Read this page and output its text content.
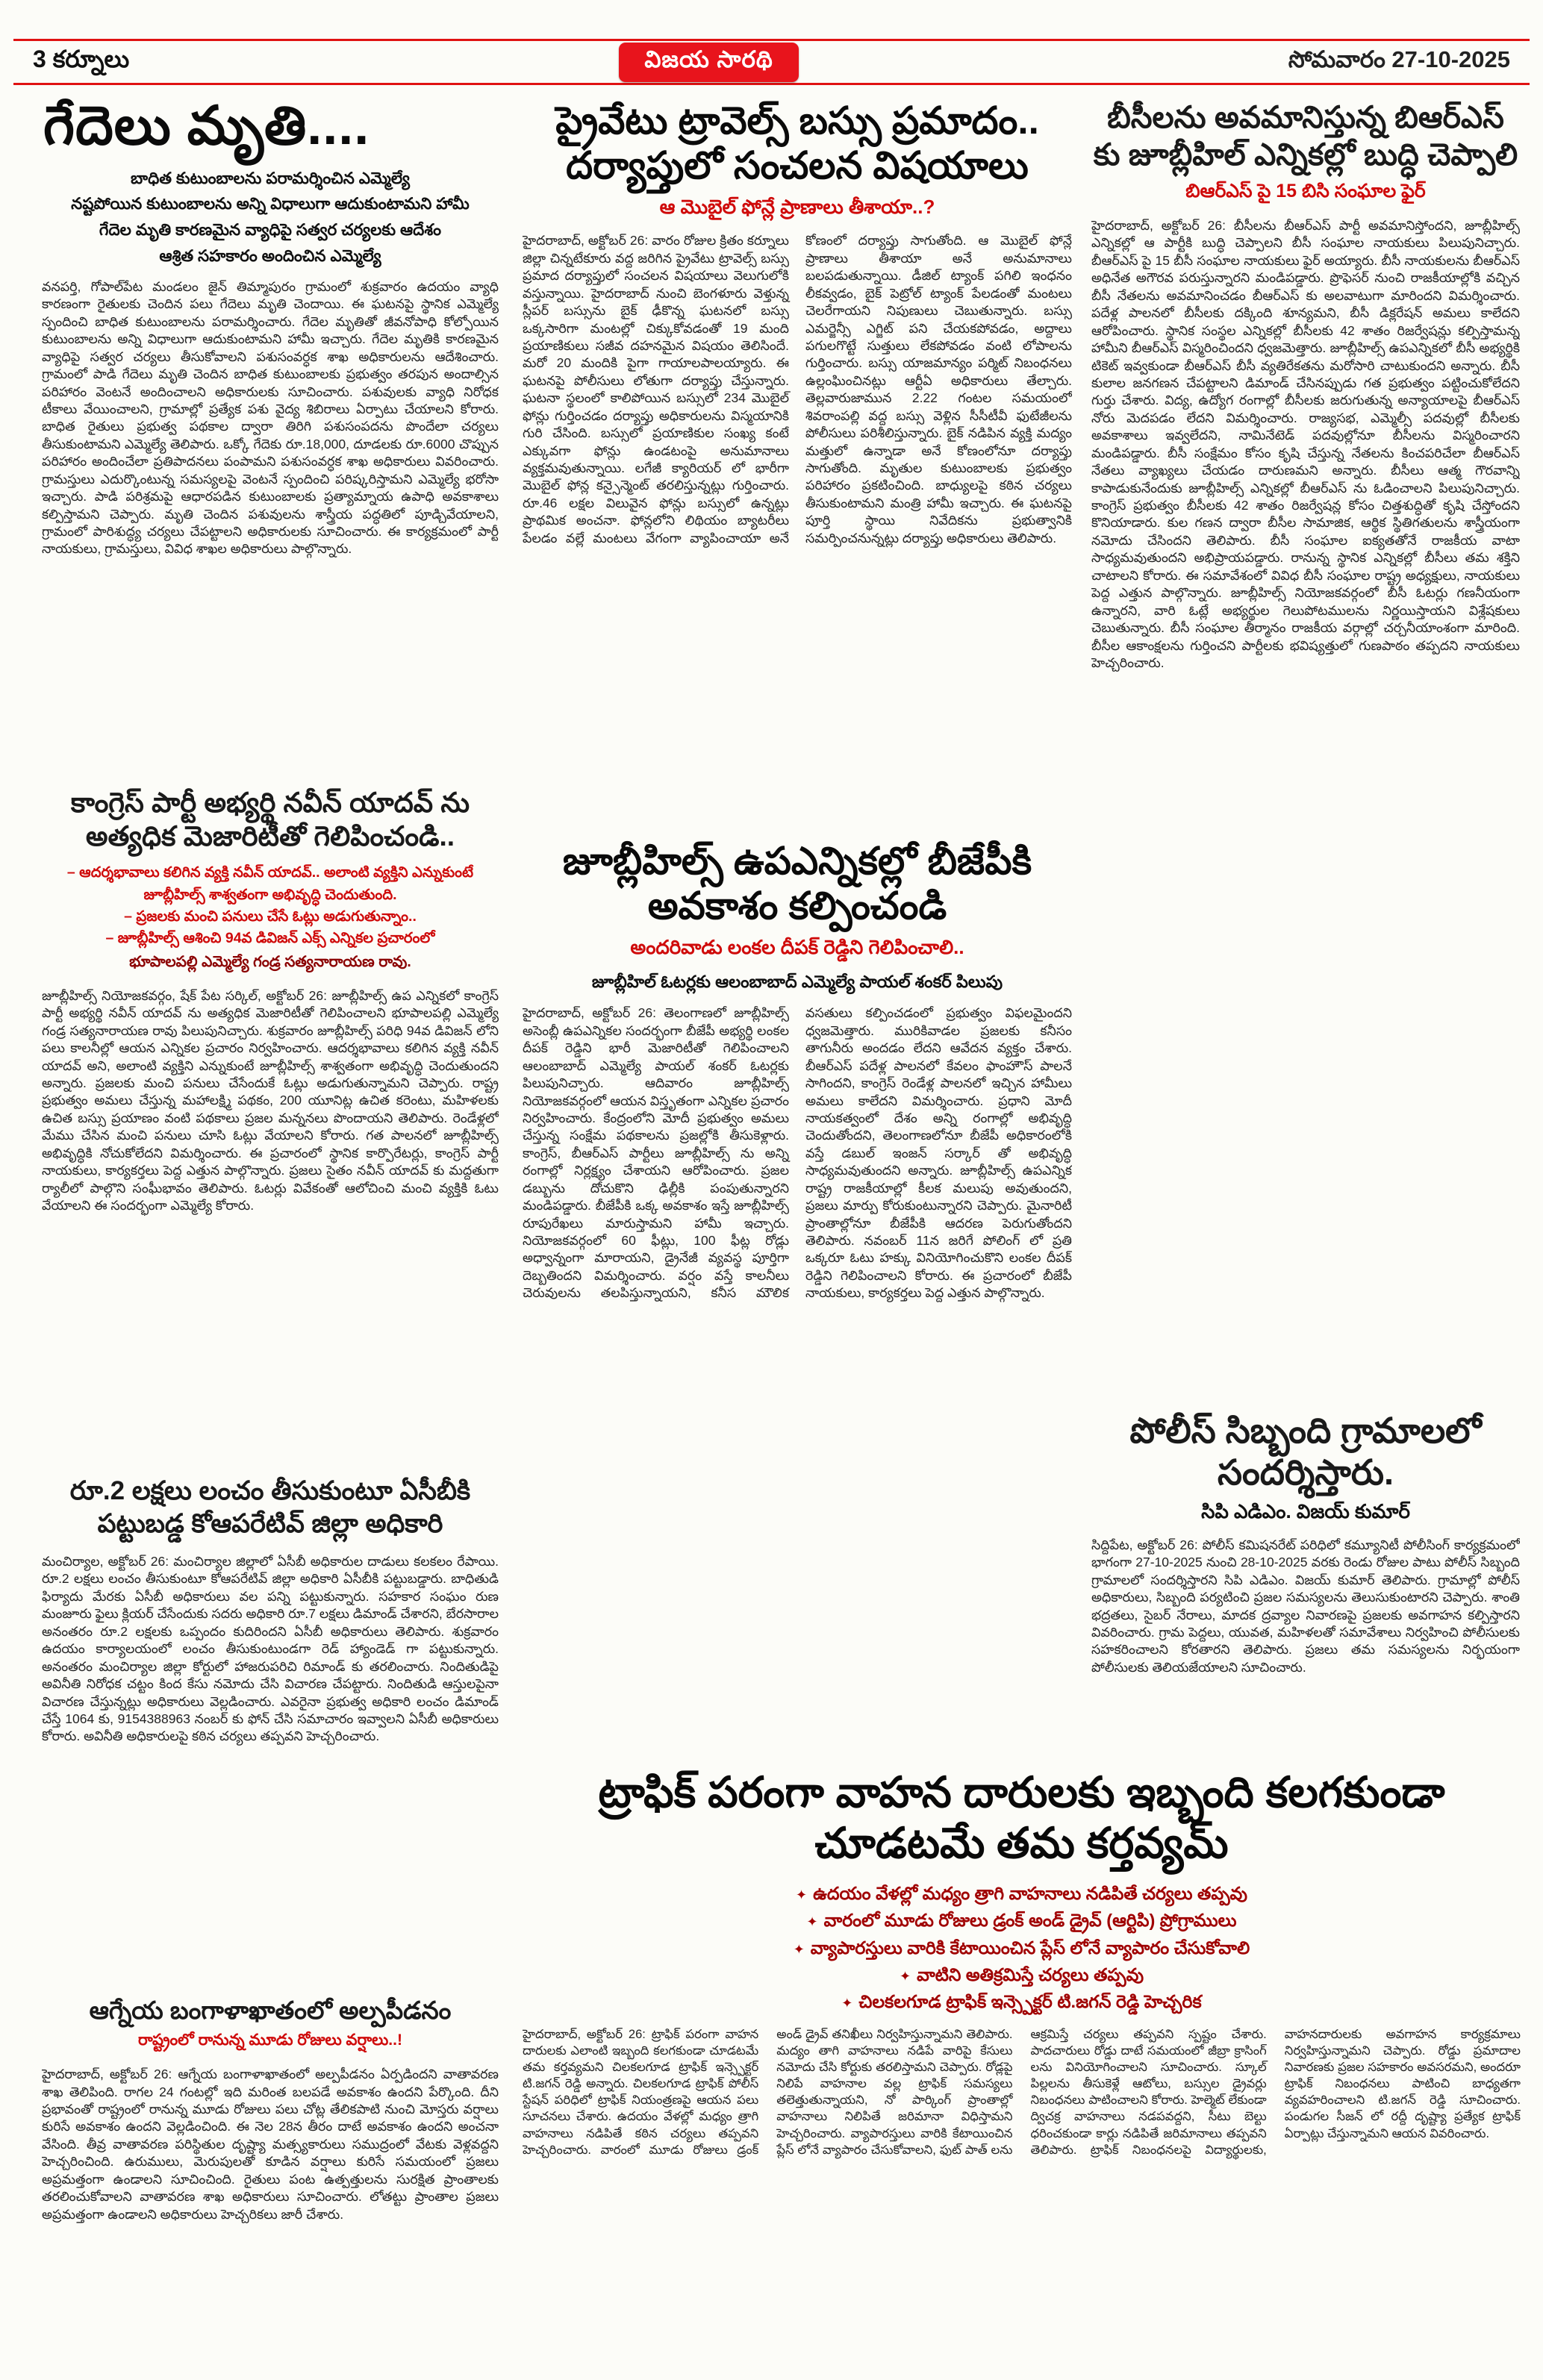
3 కర్నూలు	విజయ సారథి	సోమవారం 27-10-2025
గేదెలు మృతి....
బాధిత కుటుంబాలను పరామర్శించిన ఎమ్మెల్యే
నష్టపోయిన కుటుంబాలను అన్ని విధాలుగా ఆదుకుంటామని హామీ
గేదెల మృతి కారణమైన వ్యాధిపై సత్వర చర్యలకు ఆదేశం
ఆశ్రిత సహకారం అందించిన ఎమ్మెల్యే

వనపర్తి, గోపాల్‌పేట మండలం జైన్ తిమ్మాపురం గ్రామంలో శుక్రవారం ఉదయం వ్యాధి కారణంగా రైతులకు చెందిన పలు గేదెలు మృతి చెందాయి. ఈ ఘటనపై స్థానిక ఎమ్మెల్యే స్పందించి బాధిత కుటుంబాలను పరామర్శించారు. గేదెల మృతితో జీవనోపాధి కోల్పోయిన కుటుంబాలను అన్ని విధాలుగా ఆదుకుంటామని హామీ ఇచ్చారు. గేదెల మృతికి కారణమైన వ్యాధిపై సత్వర చర్యలు తీసుకోవాలని పశుసంవర్ధక శాఖ అధికారులను ఆదేశించారు. గ్రామంలో పాడి గేదెలు మృతి చెందిన బాధిత కుటుంబాలకు ప్రభుత్వం తరపున అందాల్సిన పరిహారం వెంటనే అందించాలని అధికారులకు సూచించారు. పశువులకు వ్యాధి నిరోధక టీకాలు వేయించాలని, గ్రామాల్లో ప్రత్యేక పశు వైద్య శిబిరాలు ఏర్పాటు చేయాలని కోరారు. బాధిత రైతులు ప్రభుత్వ పథకాల ద్వారా తిరిగి పశుసంపదను పొందేలా చర్యలు తీసుకుంటామని ఎమ్మెల్యే తెలిపారు. ఒక్కో గేదెకు రూ.18,000, దూడలకు రూ.6000 చొప్పున పరిహారం అందించేలా ప్రతిపాదనలు పంపామని పశుసంవర్ధక శాఖ అధికారులు వివరించారు. గ్రామస్తులు ఎదుర్కొంటున్న సమస్యలపై వెంటనే స్పందించి పరిష్కరిస్తామని ఎమ్మెల్యే భరోసా ఇచ్చారు. పాడి పరిశ్రమపై ఆధారపడిన కుటుంబాలకు ప్రత్యామ్నాయ ఉపాధి అవకాశాలు కల్పిస్తామని చెప్పారు. మృతి చెందిన పశువులను శాస్త్రీయ పద్ధతిలో పూడ్చివేయాలని, గ్రామంలో పారిశుద్ధ్య చర్యలు చేపట్టాలని అధికారులకు సూచించారు. ఈ కార్యక్రమంలో పార్టీ నాయకులు, గ్రామస్తులు, వివిధ శాఖల అధికారులు పాల్గొన్నారు.

కాంగ్రెస్ పార్టీ అభ్యర్థి నవీన్ యాదవ్ ను అత్యధిక మెజారిటీతో గెలిపించండి..
– ఆదర్శభావాలు కలిగిన వ్యక్తి నవీన్ యాదవ్.. అలాంటి వ్యక్తిని ఎన్నుకుంటే జూబ్లీహిల్స్ శాశ్వతంగా అభివృద్ధి చెందుతుంది.
– ప్రజలకు మంచి పనులు చేసే ఓట్లు అడుగుతున్నాం..
– జూబ్లీహిల్స్ ఆశించి 94వ డివిజన్ ఎక్స్ ఎన్నికల ప్రచారంలో
భూపాలపల్లి ఎమ్మెల్యే గండ్ర సత్యనారాయణ రావు.

జూబ్లీహిల్స్ నియోజకవర్గం, షేక్ పేట సర్కిల్, అక్టోబర్ 26: జూబ్లీహిల్స్ ఉప ఎన్నికలో కాంగ్రెస్ పార్టీ అభ్యర్థి నవీన్ యాదవ్ ను అత్యధిక మెజారిటీతో గెలిపించాలని భూపాలపల్లి ఎమ్మెల్యే గండ్ర సత్యనారాయణ రావు పిలుపునిచ్చారు. శుక్రవారం జూబ్లీహిల్స్ పరిధి 94వ డివిజన్ లోని పలు కాలనీల్లో ఆయన ఎన్నికల ప్రచారం నిర్వహించారు. ఆదర్శభావాలు కలిగిన వ్యక్తి నవీన్ యాదవ్ అని, అలాంటి వ్యక్తిని ఎన్నుకుంటే జూబ్లీహిల్స్ శాశ్వతంగా అభివృద్ధి చెందుతుందని అన్నారు. ప్రజలకు మంచి పనులు చేసేందుకే ఓట్లు అడుగుతున్నామని చెప్పారు. రాష్ట్ర ప్రభుత్వం అమలు చేస్తున్న మహాలక్ష్మి పథకం, 200 యూనిట్ల ఉచిత కరెంటు, మహిళలకు ఉచిత బస్సు ప్రయాణం వంటి పథకాలు ప్రజల మన్ననలు పొందాయని తెలిపారు. రెండేళ్లలో మేము చేసిన మంచి పనులు చూసి ఓట్లు వేయాలని కోరారు. గత పాలనలో జూబ్లీహిల్స్ అభివృద్ధికి నోచుకోలేదని విమర్శించారు. ఈ ప్రచారంలో స్థానిక కార్పొరేటర్లు, కాంగ్రెస్ పార్టీ నాయకులు, కార్యకర్తలు పెద్ద ఎత్తున పాల్గొన్నారు. ప్రజలు సైతం నవీన్ యాదవ్ కు మద్దతుగా ర్యాలీలో పాల్గొని సంఘీభావం తెలిపారు. ఓటర్లు వివేకంతో ఆలోచించి మంచి వ్యక్తికి ఓటు వేయాలని ఈ సందర్భంగా ఎమ్మెల్యే కోరారు.

రూ.2 లక్షలు లంచం తీసుకుంటూ ఏసీబీకి పట్టుబడ్డ కోఆపరేటివ్ జిల్లా అధికారి

మంచిర్యాల, అక్టోబర్ 26: మంచిర్యాల జిల్లాలో ఏసీబీ అధికారుల దాడులు కలకలం రేపాయి. రూ.2 లక్షలు లంచం తీసుకుంటూ కోఆపరేటివ్ జిల్లా అధికారి ఏసీబీకి పట్టుబడ్డారు. బాధితుడి ఫిర్యాదు మేరకు ఏసీబీ అధికారులు వల పన్ని పట్టుకున్నారు. సహకార సంఘం రుణ మంజూరు ఫైలు క్లియర్ చేసేందుకు సదరు అధికారి రూ.7 లక్షలు డిమాండ్ చేశారని, బేరసారాల అనంతరం రూ.2 లక్షలకు ఒప్పందం కుదిరిందని ఏసీబీ అధికారులు తెలిపారు. శుక్రవారం ఉదయం కార్యాలయంలో లంచం తీసుకుంటుండగా రెడ్ హ్యాండెడ్ గా పట్టుకున్నారు. అనంతరం మంచిర్యాల జిల్లా కోర్టులో హాజరుపరిచి రిమాండ్ కు తరలించారు. నిందితుడిపై అవినీతి నిరోధక చట్టం కింద కేసు నమోదు చేసి విచారణ చేపట్టారు. నిందితుడి ఆస్తులపైనా విచారణ చేస్తున్నట్లు అధికారులు వెల్లడించారు. ఎవరైనా ప్రభుత్వ అధికారి లంచం డిమాండ్ చేస్తే 1064 కు, 9154388963 నంబర్ కు ఫోన్ చేసి సమాచారం ఇవ్వాలని ఏసీబీ అధికారులు కోరారు. అవినీతి అధికారులపై కఠిన చర్యలు తప్పవని హెచ్చరించారు.

ఆగ్నేయ బంగాళాఖాతంలో అల్పపీడనం
రాష్ట్రంలో రానున్న మూడు రోజులు వర్షాలు..!

హైదరాబాద్, అక్టోబర్ 26: ఆగ్నేయ బంగాళాఖాతంలో అల్పపీడనం ఏర్పడిందని వాతావరణ శాఖ తెలిపింది. రాగల 24 గంటల్లో ఇది మరింత బలపడే అవకాశం ఉందని పేర్కొంది. దీని ప్రభావంతో రాష్ట్రంలో రానున్న మూడు రోజులు పలు చోట్ల తేలికపాటి నుంచి మోస్తరు వర్షాలు కురిసే అవకాశం ఉందని వెల్లడించింది. ఈ నెల 28న తీరం దాటే అవకాశం ఉందని అంచనా వేసింది. తీవ్ర వాతావరణ పరిస్థితుల దృష్ట్యా మత్స్యకారులు సముద్రంలో వేటకు వెళ్లవద్దని హెచ్చరించింది. ఉరుములు, మెరుపులతో కూడిన వర్షాలు కురిసే సమయంలో ప్రజలు అప్రమత్తంగా ఉండాలని సూచించింది. రైతులు పంట ఉత్పత్తులను సురక్షిత ప్రాంతాలకు తరలించుకోవాలని వాతావరణ శాఖ అధికారులు సూచించారు. లోతట్టు ప్రాంతాల ప్రజలు అప్రమత్తంగా ఉండాలని అధికారులు హెచ్చరికలు జారీ చేశారు.

ప్రైవేటు ట్రావెల్స్ బస్సు ప్రమాదం.. దర్యాప్తులో సంచలన విషయాలు
ఆ మొబైల్ ఫోన్లే ప్రాణాలు తీశాయా..?

హైదరాబాద్, అక్టోబర్ 26: వారం రోజుల క్రితం కర్నూలు జిల్లా చిన్నటేకూరు వద్ద జరిగిన ప్రైవేటు ట్రావెల్స్ బస్సు ప్రమాద దర్యాప్తులో సంచలన విషయాలు వెలుగులోకి వస్తున్నాయి. హైదరాబాద్ నుంచి బెంగళూరు వెళ్తున్న స్లీపర్ బస్సును బైక్ ఢీకొన్న ఘటనలో బస్సు ఒక్కసారిగా మంటల్లో చిక్కుకోవడంతో 19 మంది ప్రయాణికులు సజీవ దహనమైన విషయం తెలిసిందే. మరో 20 మందికి పైగా గాయాలపాలయ్యారు. ఈ ఘటనపై పోలీసులు లోతుగా దర్యాప్తు చేస్తున్నారు. ఘటనా స్థలంలో కాలిపోయిన బస్సులో 234 మొబైల్ ఫోన్లు గుర్తించడం దర్యాప్తు అధికారులను విస్మయానికి గురి చేసింది. బస్సులో ప్రయాణికుల సంఖ్య కంటే ఎక్కువగా ఫోన్లు ఉండటంపై అనుమానాలు వ్యక్తమవుతున్నాయి. లగేజీ క్యారియర్ లో భారీగా మొబైల్ ఫోన్ల కన్సైన్మెంట్ తరలిస్తున్నట్లు గుర్తించారు. రూ.46 లక్షల విలువైన ఫోన్లు బస్సులో ఉన్నట్లు ప్రాథమిక అంచనా. ఫోన్లలోని లిథియం బ్యాటరీలు పేలడం వల్లే మంటలు వేగంగా వ్యాపించాయా అనే కోణంలో దర్యాప్తు సాగుతోంది. ఆ మొబైల్ ఫోన్లే ప్రాణాలు తీశాయా అనే అనుమానాలు బలపడుతున్నాయి. డీజిల్ ట్యాంక్ పగిలి ఇంధనం లీకవ్వడం, బైక్ పెట్రోల్ ట్యాంక్ పేలడంతో మంటలు చెలరేగాయని నిపుణులు చెబుతున్నారు. బస్సు ఎమర్జెన్సీ ఎగ్జిట్ పని చేయకపోవడం, అద్దాలు పగులగొట్టే సుత్తులు లేకపోవడం వంటి లోపాలను గుర్తించారు. బస్సు యాజమాన్యం పర్మిట్ నిబంధనలు ఉల్లంఘించినట్లు ఆర్టీఏ అధికారులు తేల్చారు. తెల్లవారుజామున 2.22 గంటల సమయంలో శివరాంపల్లి వద్ద బస్సు వెళ్లిన సీసీటీవీ ఫుటేజీలను పోలీసులు పరిశీలిస్తున్నారు. బైక్ నడిపిన వ్యక్తి మద్యం మత్తులో ఉన్నాడా అనే కోణంలోనూ దర్యాప్తు సాగుతోంది. మృతుల కుటుంబాలకు ప్రభుత్వం పరిహారం ప్రకటించింది. బాధ్యులపై కఠిన చర్యలు తీసుకుంటామని మంత్రి హామీ ఇచ్చారు. ఈ ఘటనపై పూర్తి స్థాయి నివేదికను ప్రభుత్వానికి సమర్పించనున్నట్లు దర్యాప్తు అధికారులు తెలిపారు.

జూబ్లీహిల్స్ ఉపఎన్నికల్లో బీజేపీకి అవకాశం కల్పించండి
అందరివాడు లంకల దీపక్ రెడ్డిని గెలిపించాలి..
జూబ్లీహిల్ ఓటర్లకు ఆలంబాబాద్ ఎమ్మెల్యే పాయల్ శంకర్ పిలుపు

హైదరాబాద్, అక్టోబర్ 26: తెలంగాణలో జూబ్లీహిల్స్ అసెంబ్లీ ఉపఎన్నికల సందర్భంగా బీజేపీ అభ్యర్థి లంకల దీపక్ రెడ్డిని భారీ మెజారిటీతో గెలిపించాలని ఆలంబాబాద్ ఎమ్మెల్యే పాయల్ శంకర్ ఓటర్లకు పిలుపునిచ్చారు. ఆదివారం జూబ్లీహిల్స్ నియోజకవర్గంలో ఆయన విస్తృతంగా ఎన్నికల ప్రచారం నిర్వహించారు. కేంద్రంలోని మోదీ ప్రభుత్వం అమలు చేస్తున్న సంక్షేమ పథకాలను ప్రజల్లోకి తీసుకెళ్లారు. కాంగ్రెస్, బీఆర్ఎస్ పార్టీలు జూబ్లీహిల్స్ ను అన్ని రంగాల్లో నిర్లక్ష్యం చేశాయని ఆరోపించారు. ప్రజల డబ్బును దోచుకొని ఢిల్లీకి పంపుతున్నారని మండిపడ్డారు. బీజేపీకి ఒక్క అవకాశం ఇస్తే జూబ్లీహిల్స్ రూపురేఖలు మారుస్తామని హామీ ఇచ్చారు. నియోజకవర్గంలో 60 ఫీట్లు, 100 ఫీట్ల రోడ్లు అధ్వాన్నంగా మారాయని, డ్రైనేజీ వ్యవస్థ పూర్తిగా దెబ్బతిందని విమర్శించారు. వర్షం వస్తే కాలనీలు చెరువులను తలపిస్తున్నాయని, కనీస మౌలిక వసతులు కల్పించడంలో ప్రభుత్వం విఫలమైందని ధ్వజమెత్తారు. మురికివాడల ప్రజలకు కనీసం తాగునీరు అందడం లేదని ఆవేదన వ్యక్తం చేశారు. బీఆర్ఎస్ పదేళ్ల పాలనలో కేవలం ఫాంహౌస్ పాలనే సాగిందని, కాంగ్రెస్ రెండేళ్ల పాలనలో ఇచ్చిన హామీలు అమలు కాలేదని విమర్శించారు. ప్రధాని మోదీ నాయకత్వంలో దేశం అన్ని రంగాల్లో అభివృద్ధి చెందుతోందని, తెలంగాణలోనూ బీజేపీ అధికారంలోకి వస్తే డబుల్ ఇంజన్ సర్కార్ తో అభివృద్ధి సాధ్యమవుతుందని అన్నారు. జూబ్లీహిల్స్ ఉపఎన్నిక రాష్ట్ర రాజకీయాల్లో కీలక మలుపు అవుతుందని, ప్రజలు మార్పు కోరుకుంటున్నారని చెప్పారు. మైనారిటీ ప్రాంతాల్లోనూ బీజేపీకి ఆదరణ పెరుగుతోందని తెలిపారు. నవంబర్ 11న జరిగే పోలింగ్ లో ప్రతి ఒక్కరూ ఓటు హక్కు వినియోగించుకొని లంకల దీపక్ రెడ్డిని గెలిపించాలని కోరారు. ఈ ప్రచారంలో బీజేపీ నాయకులు, కార్యకర్తలు పెద్ద ఎత్తున పాల్గొన్నారు.

బీసీలను అవమానిస్తున్న బిఆర్ఎస్ కు జూబ్లీహిల్ ఎన్నికల్లో బుద్ధి చెప్పాలి
బిఆర్ఎస్ పై 15 బిసి సంఘాల ఫైర్

హైదరాబాద్, అక్టోబర్ 26: బీసీలను బీఆర్ఎస్ పార్టీ అవమానిస్తోందని, జూబ్లీహిల్స్ ఎన్నికల్లో ఆ పార్టీకి బుద్ధి చెప్పాలని బీసీ సంఘాల నాయకులు పిలుపునిచ్చారు. బీఆర్ఎస్ పై 15 బీసీ సంఘాల నాయకులు ఫైర్ అయ్యారు. బీసీ నాయకులను బీఆర్ఎస్ అధినేత అగౌరవ పరుస్తున్నారని మండిపడ్డారు. ప్రొఫెసర్ నుంచి రాజకీయాల్లోకి వచ్చిన బీసీ నేతలను అవమానించడం బీఆర్ఎస్ కు అలవాటుగా మారిందని విమర్శించారు. పదేళ్ల పాలనలో బీసీలకు దక్కింది శూన్యమని, బీసీ డిక్లరేషన్ అమలు కాలేదని ఆరోపించారు. స్థానిక సంస్థల ఎన్నికల్లో బీసీలకు 42 శాతం రిజర్వేషన్లు కల్పిస్తామన్న హామీని బీఆర్ఎస్ విస్మరించిందని ధ్వజమెత్తారు. జూబ్లీహిల్స్ ఉపఎన్నికలో బీసీ అభ్యర్థికి టికెట్ ఇవ్వకుండా బీఆర్ఎస్ బీసీ వ్యతిరేకతను మరోసారి చాటుకుందని అన్నారు. బీసీ కులాల జనగణన చేపట్టాలని డిమాండ్ చేసినప్పుడు గత ప్రభుత్వం పట్టించుకోలేదని గుర్తు చేశారు. విద్య, ఉద్యోగ రంగాల్లో బీసీలకు జరుగుతున్న అన్యాయాలపై బీఆర్ఎస్ నోరు మెదపడం లేదని విమర్శించారు. రాజ్యసభ, ఎమ్మెల్సీ పదవుల్లో బీసీలకు అవకాశాలు ఇవ్వలేదని, నామినేటెడ్ పదవుల్లోనూ బీసీలను విస్మరించారని మండిపడ్డారు. బీసీ సంక్షేమం కోసం కృషి చేస్తున్న నేతలను కించపరిచేలా బీఆర్ఎస్ నేతలు వ్యాఖ్యలు చేయడం దారుణమని అన్నారు. బీసీలు ఆత్మ గౌరవాన్ని కాపాడుకునేందుకు జూబ్లీహిల్స్ ఎన్నికల్లో బీఆర్ఎస్ ను ఓడించాలని పిలుపునిచ్చారు. కాంగ్రెస్ ప్రభుత్వం బీసీలకు 42 శాతం రిజర్వేషన్ల కోసం చిత్తశుద్ధితో కృషి చేస్తోందని కొనియాడారు. కుల గణన ద్వారా బీసీల సామాజిక, ఆర్థిక స్థితిగతులను శాస్త్రీయంగా నమోదు చేసిందని తెలిపారు. బీసీ సంఘాల ఐక్యతతోనే రాజకీయ వాటా సాధ్యమవుతుందని అభిప్రాయపడ్డారు. రానున్న స్థానిక ఎన్నికల్లో బీసీలు తమ శక్తిని చాటాలని కోరారు. ఈ సమావేశంలో వివిధ బీసీ సంఘాల రాష్ట్ర అధ్యక్షులు, నాయకులు పెద్ద ఎత్తున పాల్గొన్నారు. జూబ్లీహిల్స్ నియోజకవర్గంలో బీసీ ఓటర్లు గణనీయంగా ఉన్నారని, వారి ఓట్లే అభ్యర్థుల గెలుపోటములను నిర్ణయిస్తాయని విశ్లేషకులు చెబుతున్నారు. బీసీ సంఘాల తీర్మానం రాజకీయ వర్గాల్లో చర్చనీయాంశంగా మారింది. బీసీల ఆకాంక్షలను గుర్తించని పార్టీలకు భవిష్యత్తులో గుణపాఠం తప్పదని నాయకులు హెచ్చరించారు.

పోలీస్ సిబ్బంది గ్రామాలలో సందర్శిస్తారు.
సిపి ఎడిఎం. విజయ్ కుమార్

సిద్దిపేట, అక్టోబర్ 26: పోలీస్ కమిషనరేట్ పరిధిలో కమ్యూనిటీ పోలీసింగ్ కార్యక్రమంలో భాగంగా 27-10-2025 నుంచి 28-10-2025 వరకు రెండు రోజుల పాటు పోలీస్ సిబ్బంది గ్రామాలలో సందర్శిస్తారని సిపి ఎడిఎం. విజయ్ కుమార్ తెలిపారు. గ్రామాల్లో పోలీస్ అధికారులు, సిబ్బంది పర్యటించి ప్రజల సమస్యలను తెలుసుకుంటారని చెప్పారు. శాంతి భద్రతలు, సైబర్ నేరాలు, మాదక ద్రవ్యాల నివారణపై ప్రజలకు అవగాహన కల్పిస్తారని వివరించారు. గ్రామ పెద్దలు, యువత, మహిళలతో సమావేశాలు నిర్వహించి పోలీసులకు సహకరించాలని కోరతారని తెలిపారు. ప్రజలు తమ సమస్యలను నిర్భయంగా పోలీసులకు తెలియజేయాలని సూచించారు.

ట్రాఫిక్ పరంగా వాహన దారులకు ఇబ్బంది కలగకుండా చూడటమే తమ కర్తవ్యమ్
✦ ఉదయం వేళల్లో మధ్యం త్రాగి వాహనాలు నడిపితే చర్యలు తప్పవు
✦ వారంలో మూడు రోజులు డ్రంక్ అండ్ డ్రైవ్ (ఆర్టిపి) ప్రోగ్రాములు
✦ వ్యాపారస్తులు వారికి కేటాయించిన ప్లేస్ లోనే వ్యాపారం చేసుకోవాలి
✦ వాటిని అతిక్రమిస్తే చర్యలు తప్పవు
✦ చిలకలగూడ ట్రాఫిక్ ఇన్స్పెక్టర్ టి.జగన్ రెడ్డి హెచ్చరిక

హైదరాబాద్, అక్టోబర్ 26: ట్రాఫిక్ పరంగా వాహన దారులకు ఎలాంటి ఇబ్బంది కలగకుండా చూడటమే తమ కర్తవ్యమని చిలకలగూడ ట్రాఫిక్ ఇన్స్పెక్టర్ టి.జగన్ రెడ్డి అన్నారు. చిలకలగూడ ట్రాఫిక్ పోలీస్ స్టేషన్ పరిధిలో ట్రాఫిక్ నియంత్రణపై ఆయన పలు సూచనలు చేశారు. ఉదయం వేళల్లో మధ్యం త్రాగి వాహనాలు నడిపితే కఠిన చర్యలు తప్పవని హెచ్చరించారు. వారంలో మూడు రోజులు డ్రంక్ అండ్ డ్రైవ్ తనిఖీలు నిర్వహిస్తున్నామని తెలిపారు. మద్యం తాగి వాహనాలు నడిపే వారిపై కేసులు నమోదు చేసి కోర్టుకు తరలిస్తామని చెప్పారు. రోడ్లపై నిలిపే వాహనాల వల్ల ట్రాఫిక్ సమస్యలు తలెత్తుతున్నాయని, నో పార్కింగ్ ప్రాంతాల్లో వాహనాలు నిలిపితే జరిమానా విధిస్తామని హెచ్చరించారు. వ్యాపారస్తులు వారికి కేటాయించిన ప్లేస్ లోనే వ్యాపారం చేసుకోవాలని, ఫుట్ పాత్ లను ఆక్రమిస్తే చర్యలు తప్పవని స్పష్టం చేశారు. పాదచారులు రోడ్డు దాటే సమయంలో జీబ్రా క్రాసింగ్ లను వినియోగించాలని సూచించారు. స్కూల్ పిల్లలను తీసుకెళ్లే ఆటోలు, బస్సుల డ్రైవర్లు నిబంధనలు పాటించాలని కోరారు. హెల్మెట్ లేకుండా ద్విచక్ర వాహనాలు నడపవద్దని, సీటు బెల్టు ధరించకుండా కార్లు నడిపితే జరిమానాలు తప్పవని తెలిపారు. ట్రాఫిక్ నిబంధనలపై విద్యార్థులకు, వాహనదారులకు అవగాహన కార్యక్రమాలు నిర్వహిస్తున్నామని చెప్పారు. రోడ్డు ప్రమాదాల నివారణకు ప్రజల సహకారం అవసరమని, అందరూ ట్రాఫిక్ నిబంధనలు పాటించి బాధ్యతగా వ్యవహరించాలని టి.జగన్ రెడ్డి సూచించారు. పండుగల సీజన్ లో రద్దీ దృష్ట్యా ప్రత్యేక ట్రాఫిక్ ఏర్పాట్లు చేస్తున్నామని ఆయన వివరించారు.
